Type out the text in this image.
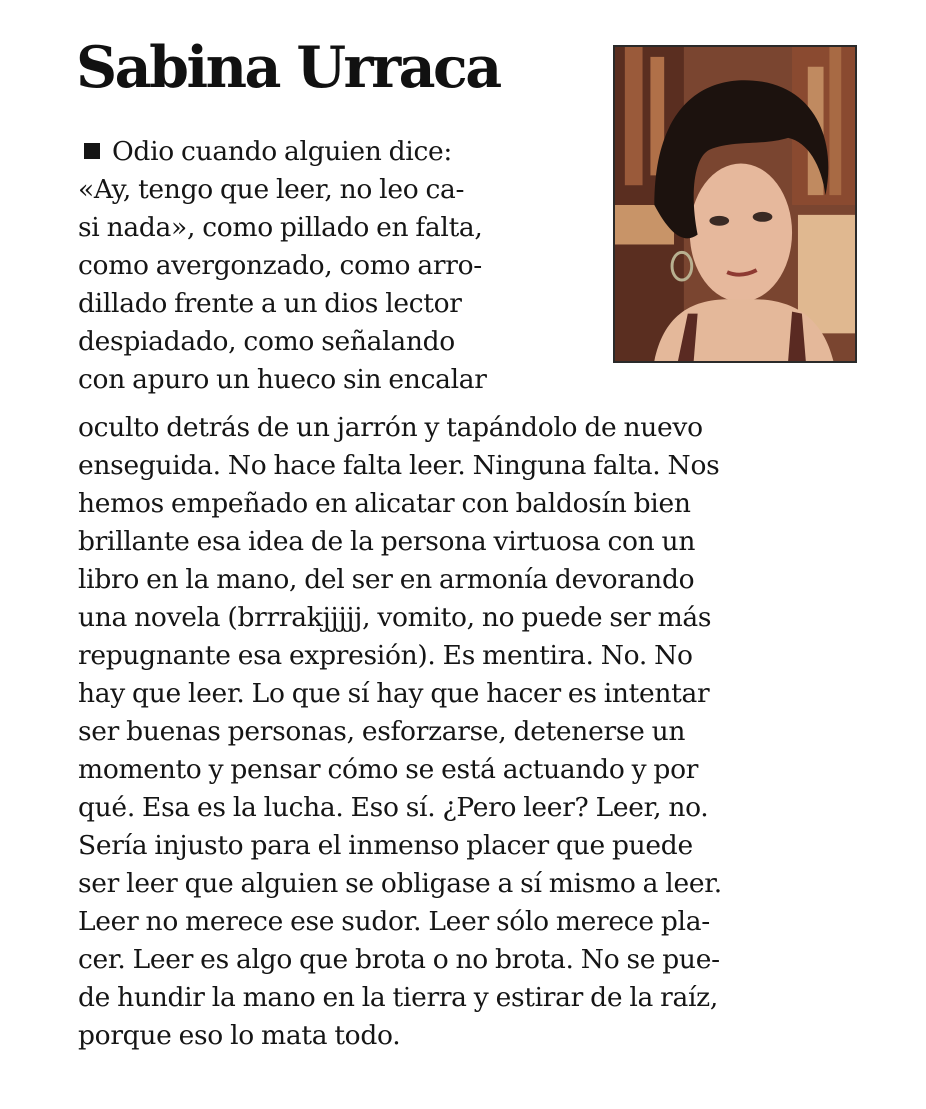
Sabina Urraca
Odio cuando alguien dice:
«Ay, tengo que leer, no leo ca-
si nada», como pillado en falta,
como avergonzado, como arro-
dillado frente a un dios lector
despiadado, como señalando
con apuro un hueco sin encalar
oculto detrás de un jarrón y tapándolo de nuevo
enseguida. No hace falta leer. Ninguna falta. Nos
hemos empeñado en alicatar con baldosín bien
brillante esa idea de la persona virtuosa con un
libro en la mano, del ser en armonía devorando
una novela (brrrakjjjjj, vomito, no puede ser más
repugnante esa expresión). Es mentira. No. No
hay que leer. Lo que sí hay que hacer es intentar
ser buenas personas, esforzarse, detenerse un
momento y pensar cómo se está actuando y por
qué. Esa es la lucha. Eso sí. ¿Pero leer? Leer, no.
Sería injusto para el inmenso placer que puede
ser leer que alguien se obligase a sí mismo a leer.
Leer no merece ese sudor. Leer sólo merece pla-
cer. Leer es algo que brota o no brota. No se pue-
de hundir la mano en la tierra y estirar de la raíz,
porque eso lo mata todo.
